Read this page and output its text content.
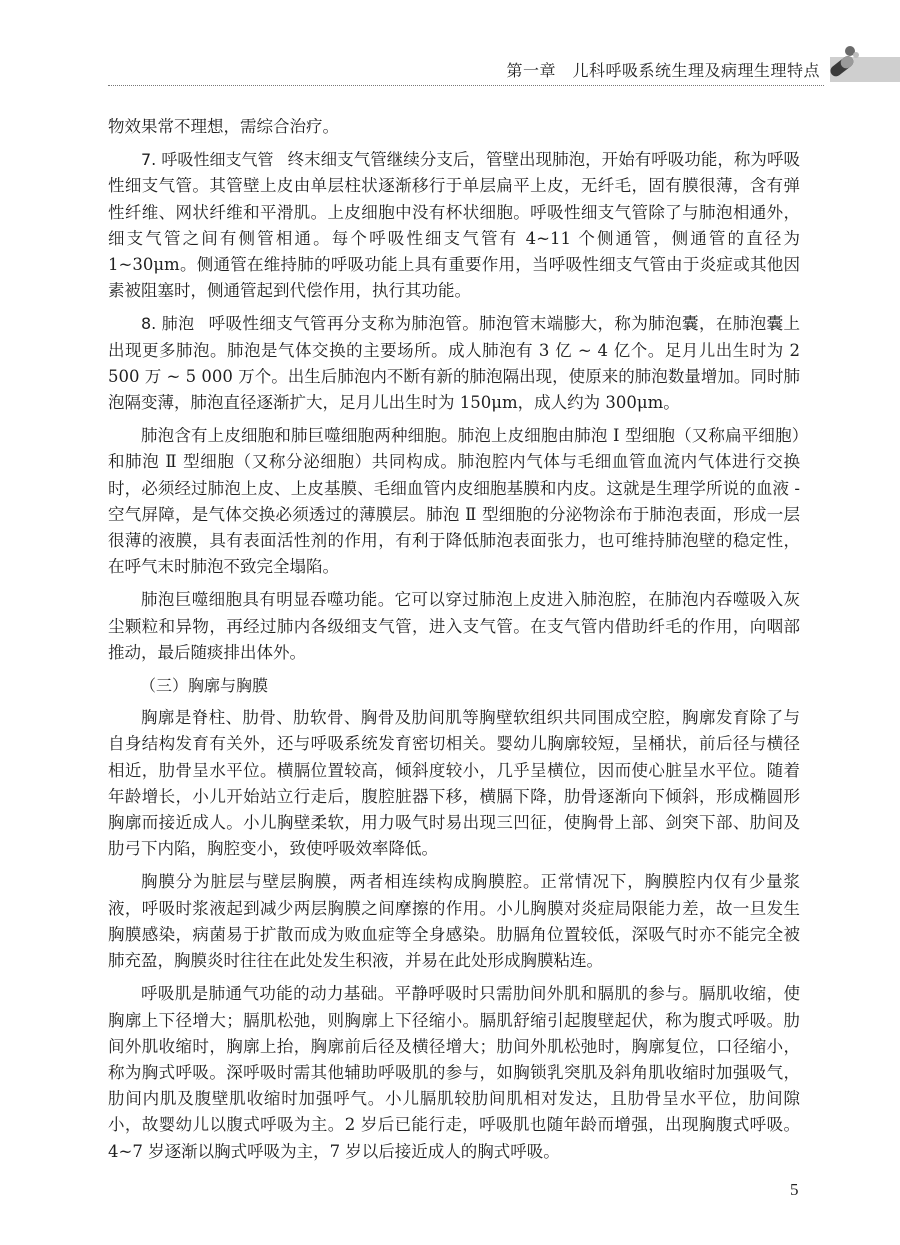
第一章　儿科呼吸系统生理及病理生理特点

物效果常不理想，需综合治疗。

7. 呼吸性细支气管 终末细支气管继续分支后，管壁出现肺泡，开始有呼吸功能，称为呼吸性细支气管。其管壁上皮由单层柱状逐渐移行于单层扁平上皮，无纤毛，固有膜很薄，含有弹性纤维、网状纤维和平滑肌。上皮细胞中没有杯状细胞。呼吸性细支气管除了与肺泡相通外，细支气管之间有侧管相通。每个呼吸性细支气管有 4~11 个侧通管，侧通管的直径为 1~30μm。侧通管在维持肺的呼吸功能上具有重要作用，当呼吸性细支气管由于炎症或其他因素被阻塞时，侧通管起到代偿作用，执行其功能。

8. 肺泡 呼吸性细支气管再分支称为肺泡管。肺泡管末端膨大，称为肺泡囊，在肺泡囊上出现更多肺泡。肺泡是气体交换的主要场所。成人肺泡有 3 亿 ~ 4 亿个。足月儿出生时为 2 500 万 ~ 5 000 万个。出生后肺泡内不断有新的肺泡隔出现，使原来的肺泡数量增加。同时肺泡隔变薄，肺泡直径逐渐扩大，足月儿出生时为 150μm，成人约为 300μm。

肺泡含有上皮细胞和肺巨噬细胞两种细胞。肺泡上皮细胞由肺泡 Ⅰ 型细胞（又称扁平细胞）和肺泡 Ⅱ 型细胞（又称分泌细胞）共同构成。肺泡腔内气体与毛细血管血流内气体进行交换时，必须经过肺泡上皮、上皮基膜、毛细血管内皮细胞基膜和内皮。这就是生理学所说的血液 - 空气屏障，是气体交换必须透过的薄膜层。肺泡 Ⅱ 型细胞的分泌物涂布于肺泡表面，形成一层很薄的液膜，具有表面活性剂的作用，有利于降低肺泡表面张力，也可维持肺泡壁的稳定性，在呼气末时肺泡不致完全塌陷。

肺泡巨噬细胞具有明显吞噬功能。它可以穿过肺泡上皮进入肺泡腔，在肺泡内吞噬吸入灰尘颗粒和异物，再经过肺内各级细支气管，进入支气管。在支气管内借助纤毛的作用，向咽部推动，最后随痰排出体外。

（三）胸廓与胸膜

胸廓是脊柱、肋骨、肋软骨、胸骨及肋间肌等胸壁软组织共同围成空腔，胸廓发育除了与自身结构发育有关外，还与呼吸系统发育密切相关。婴幼儿胸廓较短，呈桶状，前后径与横径相近，肋骨呈水平位。横膈位置较高，倾斜度较小，几乎呈横位，因而使心脏呈水平位。随着年龄增长，小儿开始站立行走后，腹腔脏器下移，横膈下降，肋骨逐渐向下倾斜，形成椭圆形胸廓而接近成人。小儿胸壁柔软，用力吸气时易出现三凹征，使胸骨上部、剑突下部、肋间及肋弓下内陷，胸腔变小，致使呼吸效率降低。

胸膜分为脏层与壁层胸膜，两者相连续构成胸膜腔。正常情况下，胸膜腔内仅有少量浆液，呼吸时浆液起到减少两层胸膜之间摩擦的作用。小儿胸膜对炎症局限能力差，故一旦发生胸膜感染，病菌易于扩散而成为败血症等全身感染。肋膈角位置较低，深吸气时亦不能完全被肺充盈，胸膜炎时往往在此处发生积液，并易在此处形成胸膜粘连。

呼吸肌是肺通气功能的动力基础。平静呼吸时只需肋间外肌和膈肌的参与。膈肌收缩，使胸廓上下径增大；膈肌松弛，则胸廓上下径缩小。膈肌舒缩引起腹壁起伏，称为腹式呼吸。肋间外肌收缩时，胸廓上抬，胸廓前后径及横径增大；肋间外肌松弛时，胸廓复位，口径缩小，称为胸式呼吸。深呼吸时需其他辅助呼吸肌的参与，如胸锁乳突肌及斜角肌收缩时加强吸气，肋间内肌及腹壁肌收缩时加强呼气。小儿膈肌较肋间肌相对发达，且肋骨呈水平位，肋间隙小，故婴幼儿以腹式呼吸为主。2 岁后已能行走，呼吸肌也随年龄而增强，出现胸腹式呼吸。4~7 岁逐渐以胸式呼吸为主，7 岁以后接近成人的胸式呼吸。

5
